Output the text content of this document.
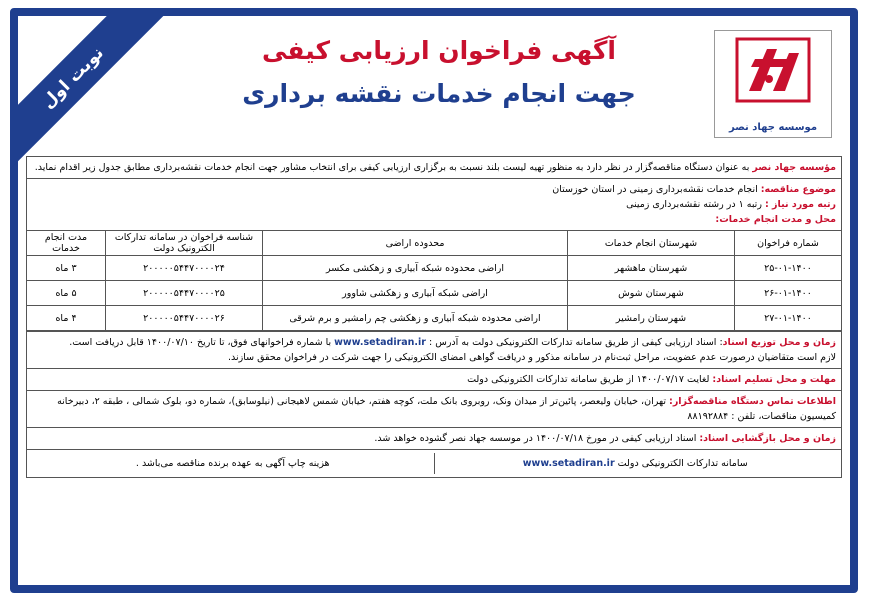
نوبت اول	آگهی فراخوان ارزیابی کیفی
جهت انجام خدمات نقشه برداری
موسسه جهاد نصر
مؤسسه جهاد نصر به عنوان دستگاه مناقصه‌گزار در نظر دارد به منظور تهیه لیست بلند نسبت به برگزاری ارزیابی کیفی برای انتخاب مشاور جهت انجام خدمات نقشه‌برداری مطابق جدول زیر اقدام نماید.
موضوع مناقصه: انجام خدمات نقشه‌برداری زمینی در استان خوزستان
رتبه مورد نیاز : رتبه ۱ در رشته نقشه‌برداری زمینی
محل و مدت انجام خدمات:
شماره فراخوان	شهرستان انجام خدمات	محدوده اراضی	شناسه فراخوان در سامانه تدارکات الکترونیک دولت	مدت انجام خدمات
۲۵-۰۱-۱۴۰۰	شهرستان ماهشهر	اراضی محدوده شبکه آبیاری و زهکشی مکسر	۲۰۰۰۰۰۵۴۴۷۰۰۰۰۲۴	۳ ماه
۲۶-۰۱-۱۴۰۰	شهرستان شوش	اراضی شبکه آبیاری و زهکشی شاوور	۲۰۰۰۰۰۵۴۴۷۰۰۰۰۲۵	۵ ماه
۲۷-۰۱-۱۴۰۰	شهرستان رامشیر	اراضی محدوده شبکه آبیاری و زهکشی چم رامشیر و برم شرقی	۲۰۰۰۰۰۵۴۴۷۰۰۰۰۲۶	۴ ماه
زمان و محل توزیع اسناد: اسناد ارزیابی کیفی از طریق سامانه تدارکات الکترونیکی دولت به آدرس : www.setadiran.ir با شماره فراخوانهای فوق، تا تاریخ ۱۴۰۰/۰۷/۱۰ قابل دریافت است.
لازم است متقاضیان درصورت عدم عضویت، مراحل ثبت‌نام در سامانه مذکور و دریافت گواهی امضای الکترونیکی را جهت شرکت در فراخوان محقق سازند.
مهلت و محل تسلیم اسناد: لغایت ۱۴۰۰/۰۷/۱۷ از طریق سامانه تدارکات الکترونیکی دولت
اطلاعات تماس دستگاه مناقصه‌گزار: تهران، خیابان ولیعصر، پائین‌تر از میدان ونک، روبروی بانک ملت، کوچه هفتم، خیابان شمس لاهیجانی (نیلوسابق)، شماره دو، بلوک شمالی ، طبقه ۲، دبیرخانه کمیسیون مناقصات، تلفن : ۸۸۱۹۲۸۸۴
زمان و محل بازگشایی اسناد: اسناد ارزیابی کیفی در مورخ ۱۴۰۰/۰۷/۱۸ در موسسه جهاد نصر گشوده خواهد شد.
سامانه تدارکات الکترونیکی دولت www.setadiran.ir
هزینه چاپ آگهی به عهده برنده مناقصه می‌باشد .
